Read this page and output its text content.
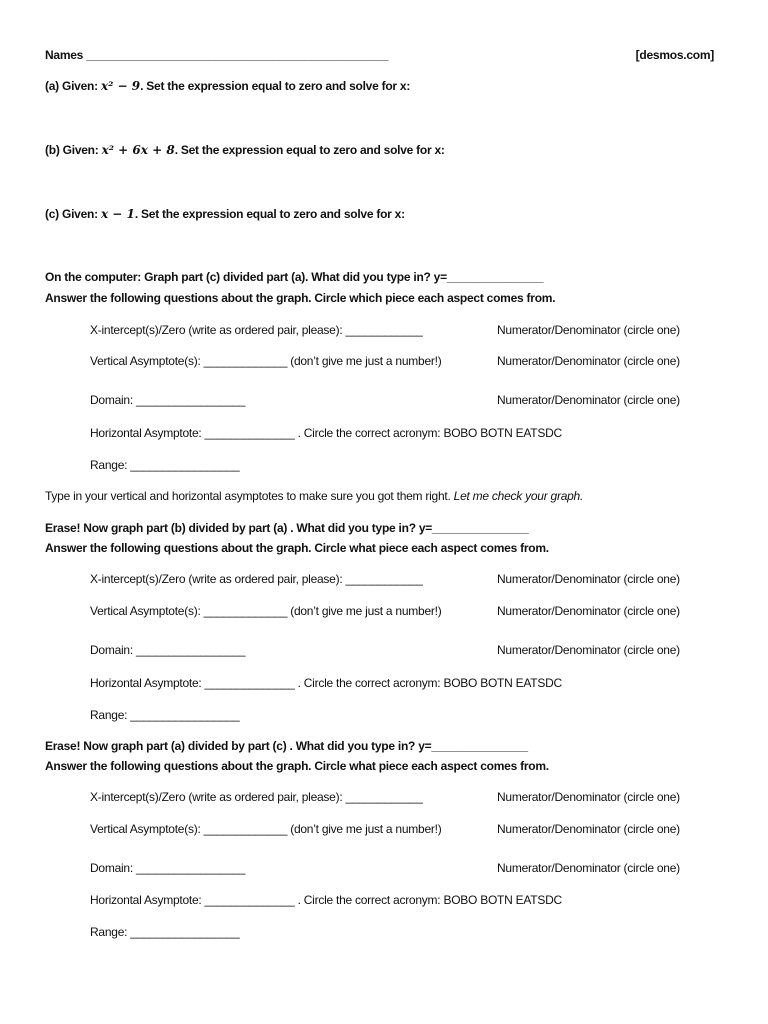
Names _______________________________________________	[desmos.com]
(a) Given: x² − 9. Set the expression equal to zero and solve for x:
(b) Given: x² + 6x + 8. Set the expression equal to zero and solve for x:
(c) Given: x − 1. Set the expression equal to zero and solve for x:
On the computer: Graph part (c) divided part (a). What did you type in? y=_______________
Answer the following questions about the graph. Circle which piece each aspect comes from.
X-intercept(s)/Zero (write as ordered pair, please): ____________	Numerator/Denominator (circle one)
Vertical Asymptote(s): _____________ (don’t give me just a number!)	Numerator/Denominator (circle one)
Domain: _________________	Numerator/Denominator (circle one)
Horizontal Asymptote: ______________ . Circle the correct acronym: BOBO BOTN EATSDC
Range: _________________
Erase! Now graph part (b) divided by part (a) . What did you type in? y=_______________
Answer the following questions about the graph. Circle what piece each aspect comes from.
X-intercept(s)/Zero (write as ordered pair, please): ____________	Numerator/Denominator (circle one)
Vertical Asymptote(s): _____________ (don’t give me just a number!)	Numerator/Denominator (circle one)
Domain: _________________	Numerator/Denominator (circle one)
Horizontal Asymptote: ______________ . Circle the correct acronym: BOBO BOTN EATSDC
Range: _________________
Erase! Now graph part (a) divided by part (c) . What did you type in? y=_______________
Answer the following questions about the graph. Circle what piece each aspect comes from.
X-intercept(s)/Zero (write as ordered pair, please): ____________	Numerator/Denominator (circle one)
Vertical Asymptote(s): _____________ (don’t give me just a number!)	Numerator/Denominator (circle one)
Domain: _________________	Numerator/Denominator (circle one)
Horizontal Asymptote: ______________ . Circle the correct acronym: BOBO BOTN EATSDC
Range: _________________
Type in your vertical and horizontal asymptotes to make sure you got them right. Let me check your graph.
